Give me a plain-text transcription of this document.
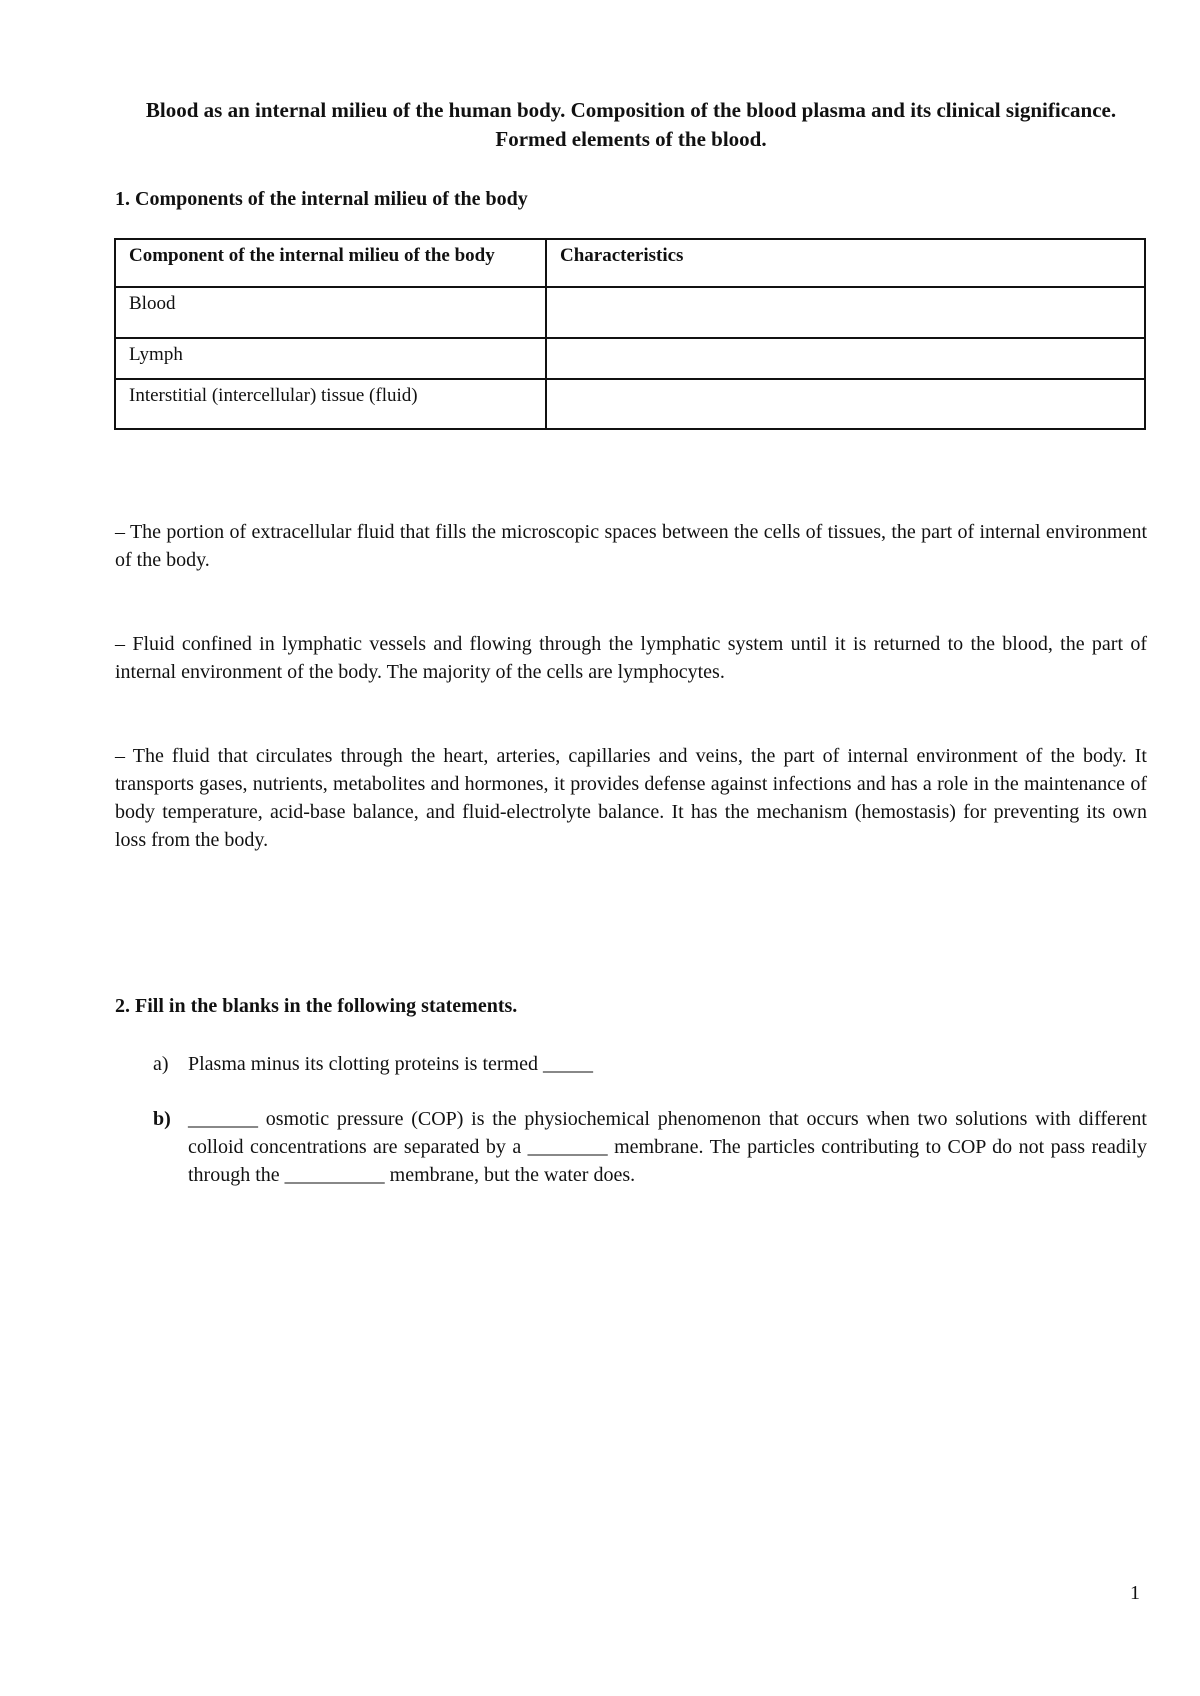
Blood as an internal milieu of the human body. Composition of the blood plasma and its clinical significance. Formed elements of the blood.
1. Components of the internal milieu of the body
Component of the internal milieu of the body	Characteristics
Blood	
Lymph	
Interstitial (intercellular) tissue (fluid)	
– The portion of extracellular fluid that fills the microscopic spaces between the cells of tissues, the part of internal environment of the body.
– Fluid confined in lymphatic vessels and flowing through the lymphatic system until it is returned to the blood, the part of internal environment of the body. The majority of the cells are lymphocytes.
– The fluid that circulates through the heart, arteries, capillaries and veins, the part of internal environment of the body. It transports gases, nutrients, metabolites and hormones, it provides defense against infections and has a role in the maintenance of body temperature, acid-base balance, and fluid-electrolyte balance. It has the mechanism (hemostasis) for preventing its own loss from the body.
2. Fill in the blanks in the following statements.
a) Plasma minus its clotting proteins is termed _____
b) _______ osmotic pressure (COP) is the physiochemical phenomenon that occurs when two solutions with different colloid concentrations are separated by a ________ membrane. The particles contributing to COP do not pass readily through the __________ membrane, but the water does.
1
